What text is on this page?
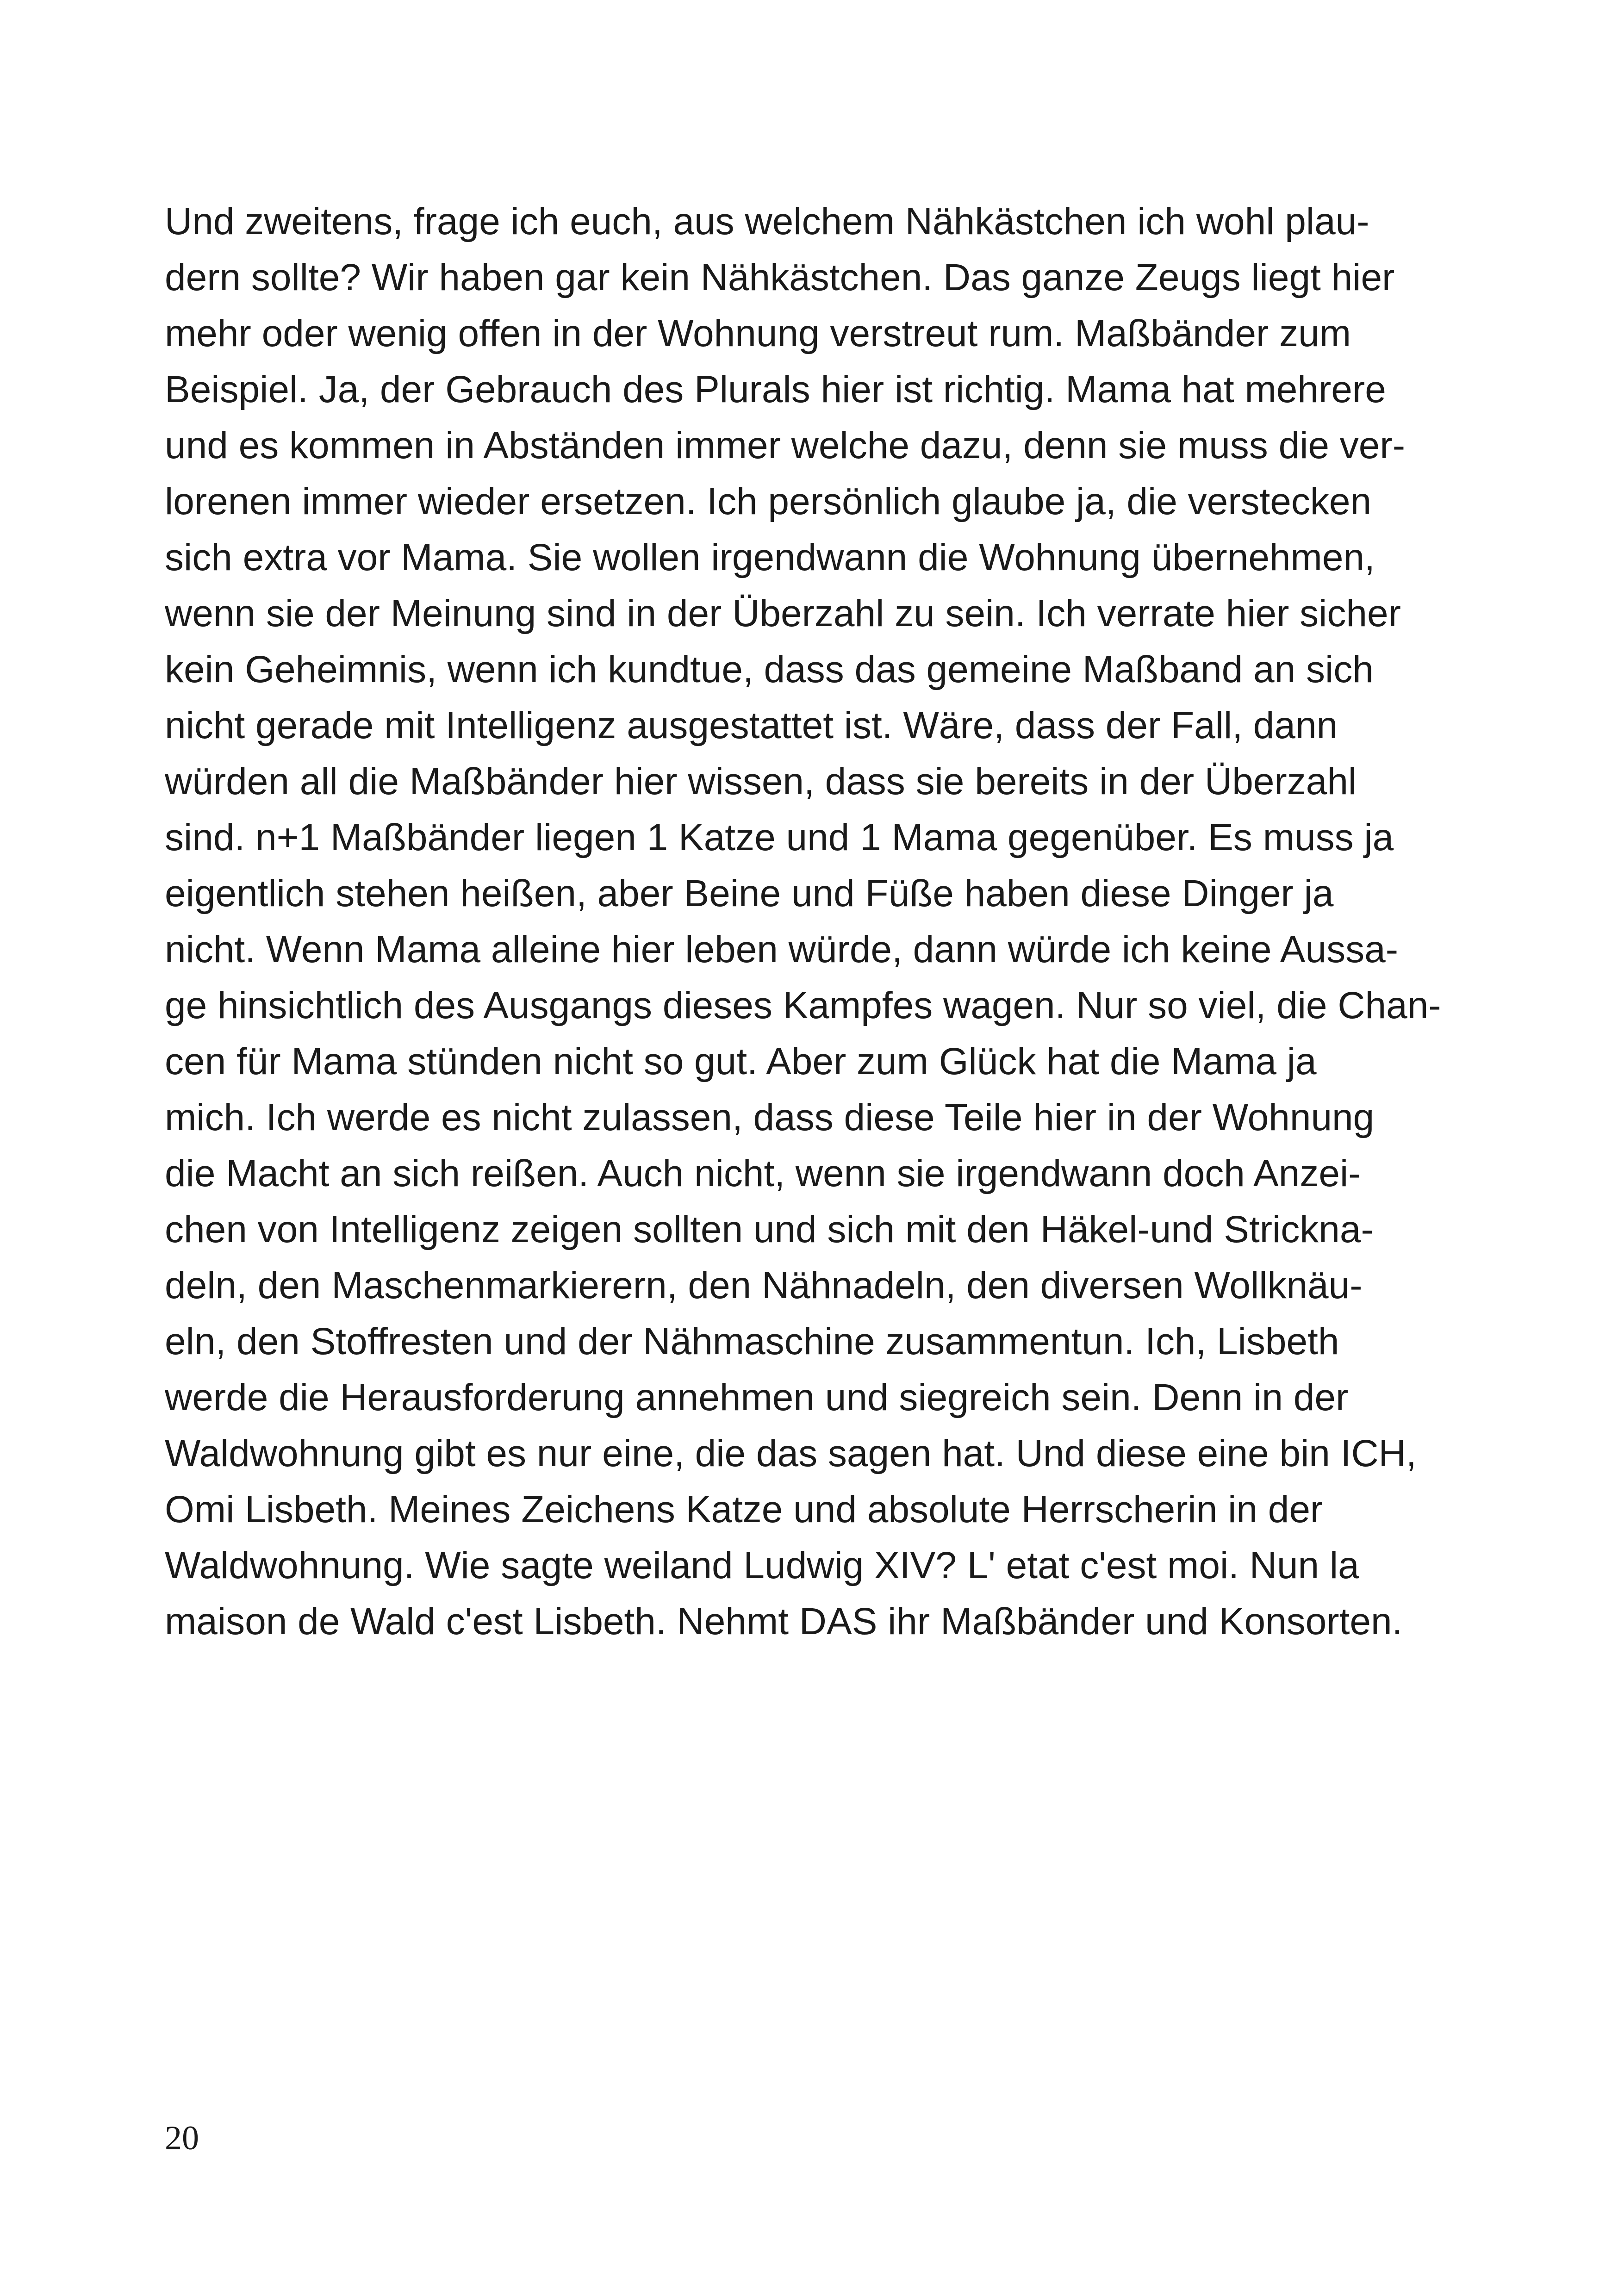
Und zweitens, frage ich euch, aus welchem Nähkästchen ich wohl plau-
dern sollte? Wir haben gar kein Nähkästchen. Das ganze Zeugs liegt hier
mehr oder wenig offen in der Wohnung verstreut rum. Maßbänder zum
Beispiel. Ja, der Gebrauch des Plurals hier ist richtig. Mama hat mehrere
und es kommen in Abständen immer welche dazu, denn sie muss die ver-
lorenen immer wieder ersetzen. Ich persönlich glaube ja, die verstecken
sich extra vor Mama. Sie wollen irgendwann die Wohnung übernehmen,
wenn sie der Meinung sind in der Überzahl zu sein. Ich verrate hier sicher
kein Geheimnis, wenn ich kundtue, dass das gemeine Maßband an sich
nicht gerade mit Intelligenz ausgestattet ist. Wäre, dass der Fall, dann
würden all die Maßbänder hier wissen, dass sie bereits in der Überzahl
sind. n+1 Maßbänder liegen 1 Katze und 1 Mama gegenüber. Es muss ja
eigentlich stehen heißen, aber Beine und Füße haben diese Dinger ja
nicht. Wenn Mama alleine hier leben würde, dann würde ich keine Aussa-
ge hinsichtlich des Ausgangs dieses Kampfes wagen. Nur so viel, die Chan-
cen für Mama stünden nicht so gut. Aber zum Glück hat die Mama ja
mich. Ich werde es nicht zulassen, dass diese Teile hier in der Wohnung
die Macht an sich reißen. Auch nicht, wenn sie irgendwann doch Anzei-
chen von Intelligenz zeigen sollten und sich mit den Häkel-und Strickna-
deln, den Maschenmarkierern, den Nähnadeln, den diversen Wollknäu-
eln, den Stoffresten und der Nähmaschine zusammentun. Ich, Lisbeth
werde die Herausforderung annehmen und siegreich sein. Denn in der
Waldwohnung gibt es nur eine, die das sagen hat. Und diese eine bin ICH,
Omi Lisbeth. Meines Zeichens Katze und absolute Herrscherin in der
Waldwohnung. Wie sagte weiland Ludwig XIV? L' etat c'est moi. Nun la
maison de Wald c'est Lisbeth. Nehmt DAS ihr Maßbänder und Konsorten.
20
